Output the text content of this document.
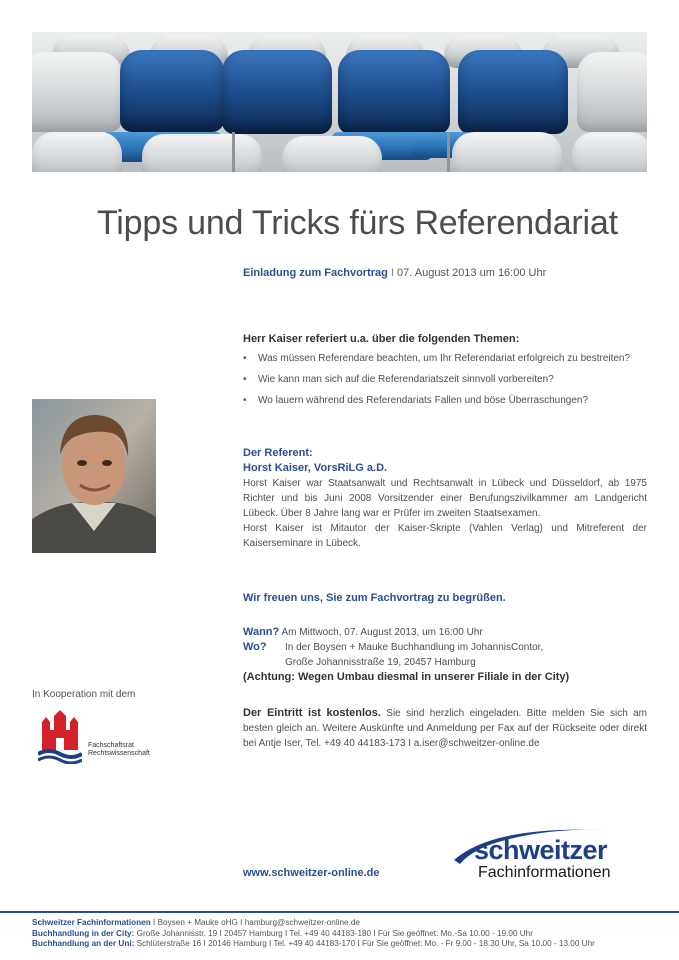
Tipps und Tricks fürs Referendariat
Einladung zum Fachvortrag I 07. August 2013 um 16:00 Uhr
Herr Kaiser referiert u.a. über die folgenden Themen:
• Was müssen Referendare beachten, um Ihr Referendariat erfolgreich zu bestreiten?
• Wie kann man sich auf die Referendariatszeit sinnvoll vorbereiten?
• Wo lauern während des Referendariats Fallen und böse Überraschungen?
Der Referent:
Horst Kaiser, VorsRiLG a.D.
Horst Kaiser war Staatsanwalt und Rechtsanwalt in Lübeck und Düsseldorf, ab 1975 Richter und bis Juni 2008 Vorsitzender einer Berufungszivilkammer am Landgericht Lübeck. Über 8 Jahre lang war er Prüfer im zweiten Staatsexamen.
Horst Kaiser ist Mitautor der Kaiser-Skripte (Vahlen Verlag) und Mitreferent der Kaiserseminare in Lübeck.
Wir freuen uns, Sie zum Fachvortrag zu begrüßen.
Wann? Am Mittwoch, 07. August 2013, um 16:00 Uhr
Wo? In der Boysen + Mauke Buchhandlung im JohannisContor,
Große Johannisstraße 19, 20457 Hamburg
(Achtung: Wegen Umbau diesmal in unserer Filiale in der City)
Der Eintritt ist kostenlos. Sie sind herzlich eingeladen. Bitte melden Sie sich am besten gleich an. Weitere Auskünfte und Anmeldung per Fax auf der Rückseite oder direkt bei Antje Iser, Tel. +49 40 44183-173 I a.iser@schweitzer-online.de
www.schweitzer-online.de
In Kooperation mit dem
Fachschaftsrat
Rechtswissenschaft
schweitzer
Fachinformationen
Schweitzer Fachinformationen I Boysen + Mauke oHG I hamburg@schweitzer-online.de
Buchhandlung in der City: Große Johannisstr. 19 I 20457 Hamburg I Tel. +49 40 44183-180 I Für Sie geöffnet: Mo.-Sa 10.00 - 19.00 Uhr
Buchhandlung an der Uni: Schlüterstraße 16 I 20146 Hamburg I Tel. +49 40 44183-170 I Für Sie geöffnet: Mo. - Fr 9.00 - 18.30 Uhr, Sa 10.00 - 13.00 Uhr
